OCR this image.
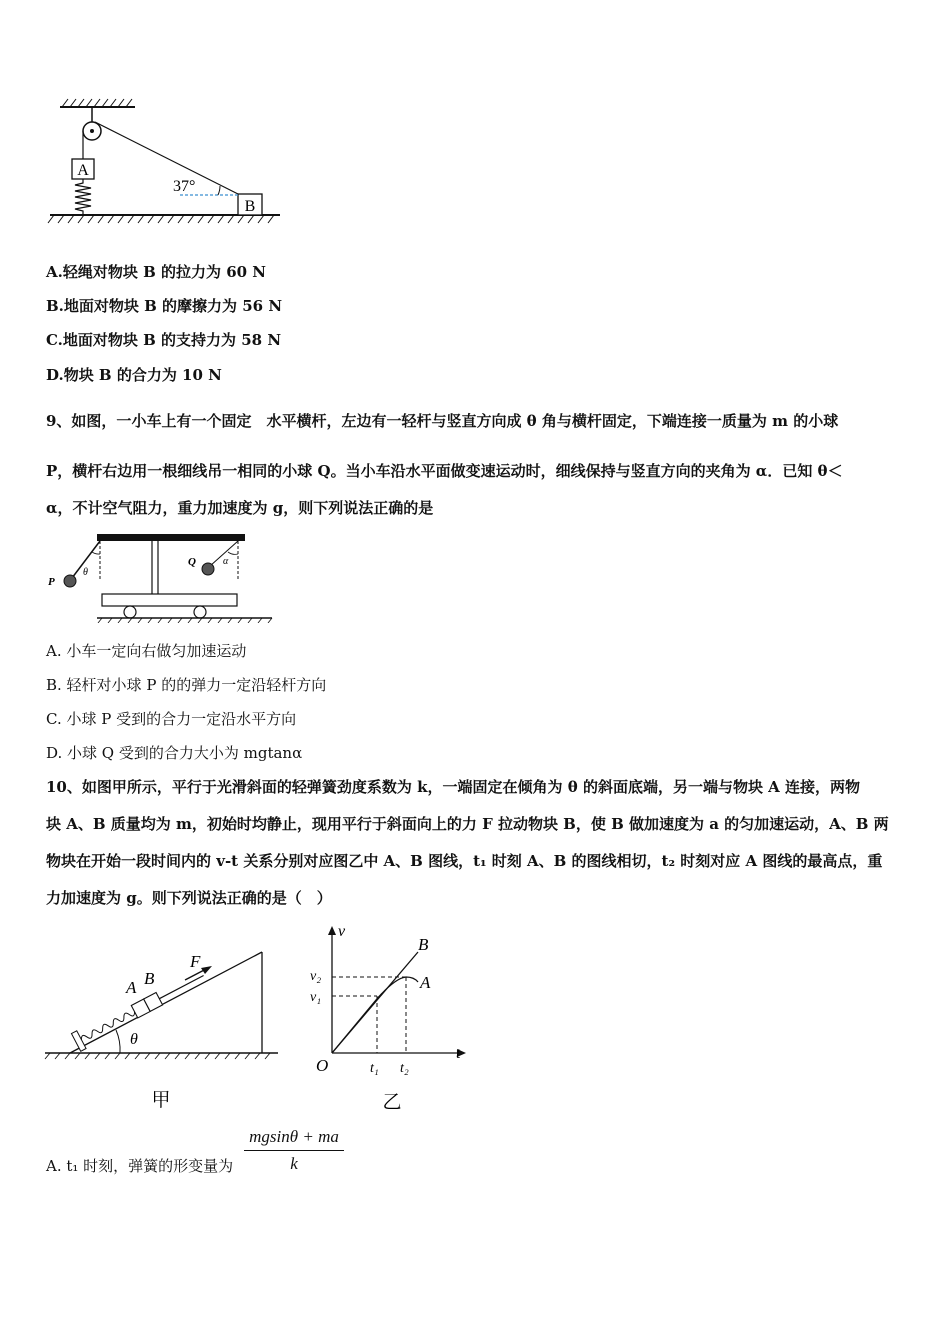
A
B
37°
A.轻绳对物块 B 的拉力为 60 N
B.地面对物块 B 的摩擦力为 56 N
C.地面对物块 B 的支持力为 58 N
D.物块 B 的合力为 10 N
9、如图，一小车上有一个固定　水平横杆，左边有一轻杆与竖直方向成 θ 角与横杆固定，下端连接一质量为 m 的小球
P，横杆右边用一根细线吊一相同的小球 Q。当小车沿水平面做变速运动时，细线保持与竖直方向的夹角为 α．已知 θ＜
α，不计空气阻力，重力加速度为 g，则下列说法正确的是
P
θ
Q	α
A. 小车一定向右做匀加速运动
B. 轻杆对小球 P 的的弹力一定沿轻杆方向
C. 小球 P 受到的合力一定沿水平方向
D. 小球 Q 受到的合力大小为 mgtanα
10、如图甲所示，平行于光滑斜面的轻弹簧劲度系数为 k，一端固定在倾角为 θ 的斜面底端，另一端与物块 A 连接，两物
块 A、B 质量均为 m，初始时均静止，现用平行于斜面向上的力 F 拉动物块 B，使 B 做加速度为 a 的匀加速运动，A、B 两
物块在开始一段时间内的 v-t 关系分别对应图乙中 A、B 图线，t₁ 时刻 A、B 的图线相切，t₂ 时刻对应 A 图线的最高点，重
力加速度为 g。则下列说法正确的是（　）
F
A B
θ
甲
v
t
O
B
A
v₂
v₁
t₁ t₂
乙
A. t₁ 时刻，弹簧的形变量为
mgsinθ + ma
k
